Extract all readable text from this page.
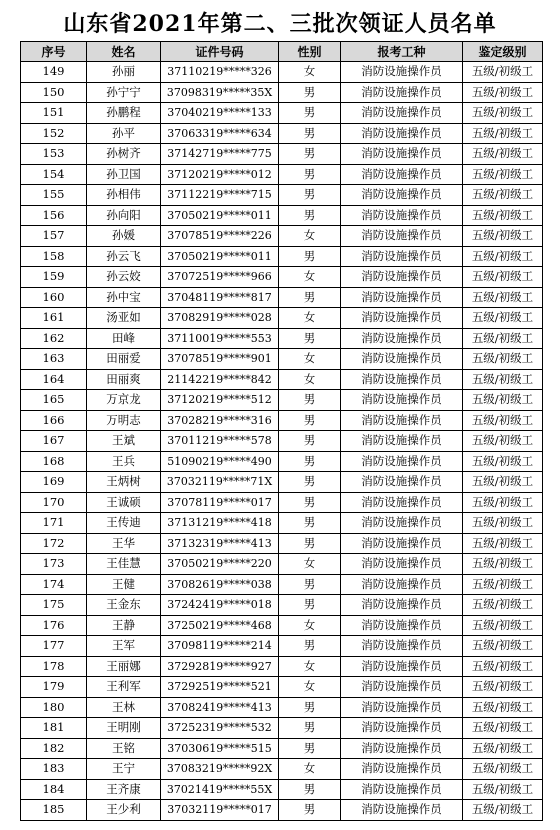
山东省2021年第二、三批次领证人员名单
序号	姓名	证件号码	性别	报考工种	鉴定级别
149	孙丽	37110219*****326	女	消防设施操作员	五级/初级工
150	孙宁宁	37098319*****35X	男	消防设施操作员	五级/初级工
151	孙鹏程	37040219*****133	男	消防设施操作员	五级/初级工
152	孙平	37063319*****634	男	消防设施操作员	五级/初级工
153	孙树齐	37142719*****775	男	消防设施操作员	五级/初级工
154	孙卫国	37120219*****012	男	消防设施操作员	五级/初级工
155	孙相伟	37112219*****715	男	消防设施操作员	五级/初级工
156	孙向阳	37050219*****011	男	消防设施操作员	五级/初级工
157	孙媛	37078519*****226	女	消防设施操作员	五级/初级工
158	孙云飞	37050219*****011	男	消防设施操作员	五级/初级工
159	孙云姣	37072519*****966	女	消防设施操作员	五级/初级工
160	孙中宝	37048119*****817	男	消防设施操作员	五级/初级工
161	汤亚如	37082919*****028	女	消防设施操作员	五级/初级工
162	田峰	37110019*****553	男	消防设施操作员	五级/初级工
163	田丽爱	37078519*****901	女	消防设施操作员	五级/初级工
164	田丽爽	21142219*****842	女	消防设施操作员	五级/初级工
165	万京龙	37120219*****512	男	消防设施操作员	五级/初级工
166	万明志	37028219*****316	男	消防设施操作员	五级/初级工
167	王斌	37011219*****578	男	消防设施操作员	五级/初级工
168	王兵	51090219*****490	男	消防设施操作员	五级/初级工
169	王炳树	37032119*****71X	男	消防设施操作员	五级/初级工
170	王诚硕	37078119*****017	男	消防设施操作员	五级/初级工
171	王传迪	37131219*****418	男	消防设施操作员	五级/初级工
172	王华	37132319*****413	男	消防设施操作员	五级/初级工
173	王佳慧	37050219*****220	女	消防设施操作员	五级/初级工
174	王健	37082619*****038	男	消防设施操作员	五级/初级工
175	王金东	37242419*****018	男	消防设施操作员	五级/初级工
176	王静	37250219*****468	女	消防设施操作员	五级/初级工
177	王军	37098119*****214	男	消防设施操作员	五级/初级工
178	王丽娜	37292819*****927	女	消防设施操作员	五级/初级工
179	王利军	37292519*****521	女	消防设施操作员	五级/初级工
180	王林	37082419*****413	男	消防设施操作员	五级/初级工
181	王明刚	37252319*****532	男	消防设施操作员	五级/初级工
182	王铭	37030619*****515	男	消防设施操作员	五级/初级工
183	王宁	37083219*****92X	女	消防设施操作员	五级/初级工
184	王齐康	37021419*****55X	男	消防设施操作员	五级/初级工
185	王少利	37032119*****017	男	消防设施操作员	五级/初级工
